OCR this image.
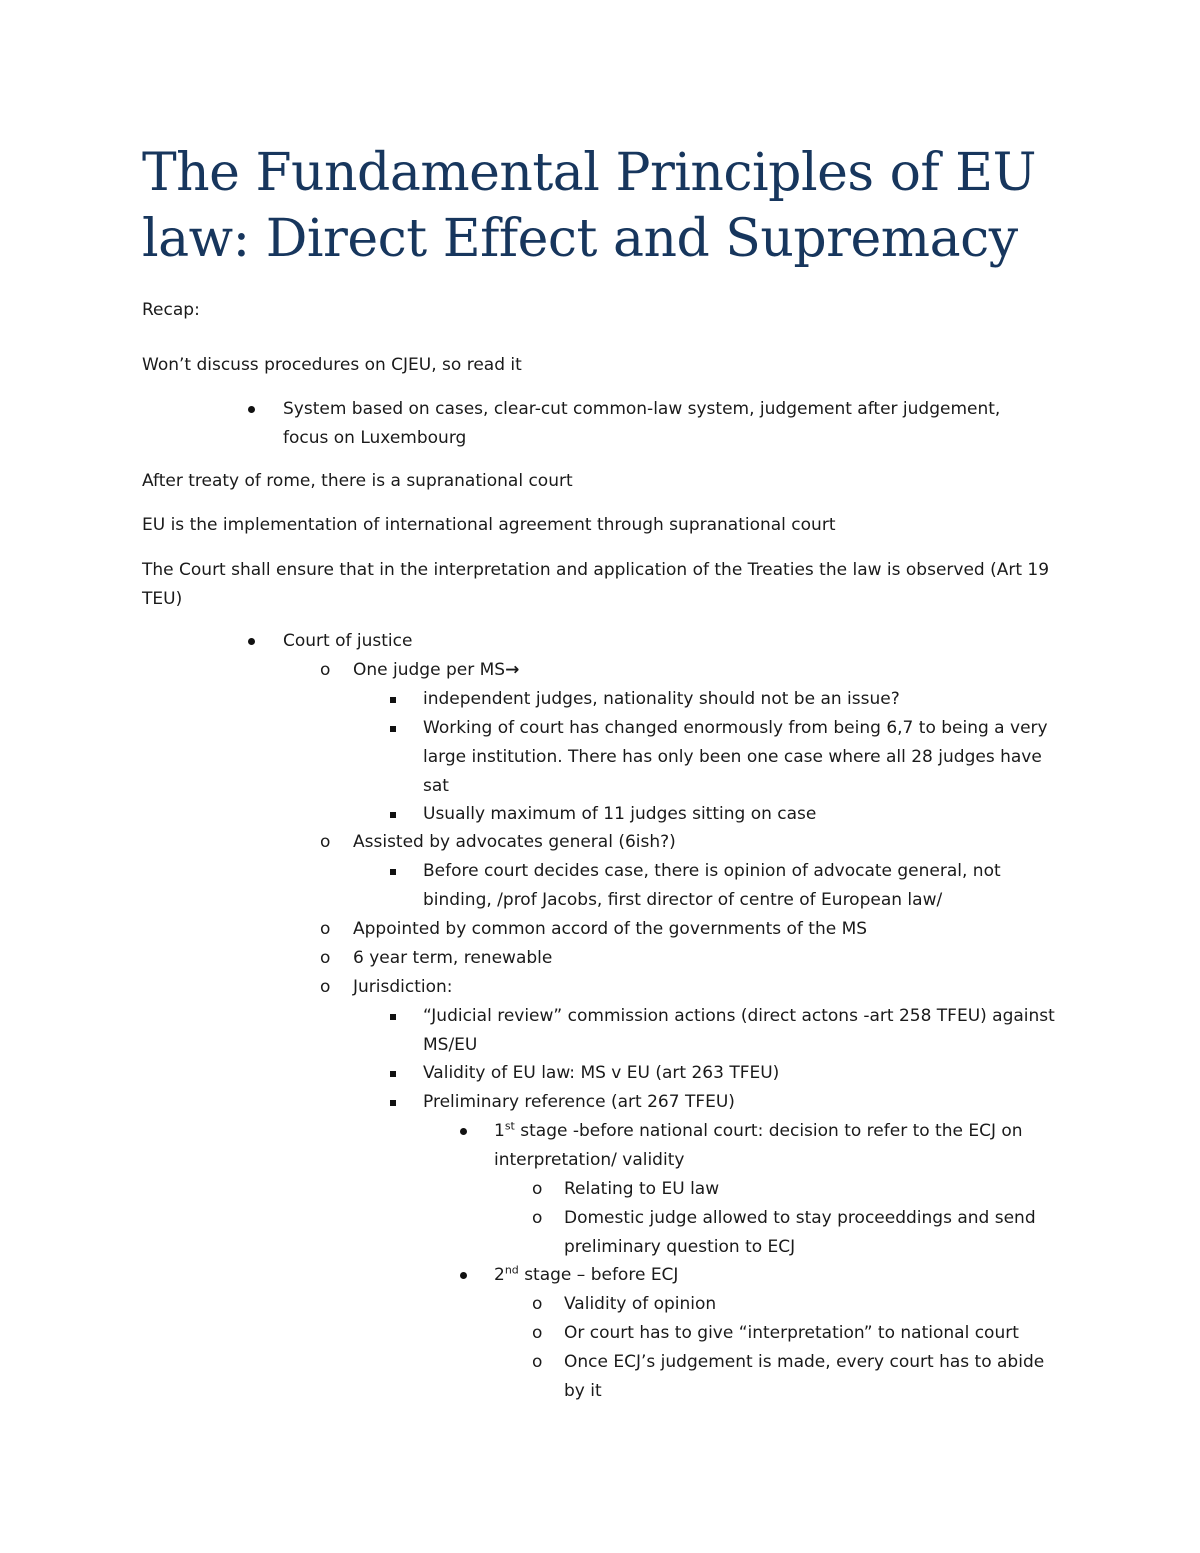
The Fundamental Principles of EU law: Direct Effect and Supremacy
Recap:
Won’t discuss procedures on CJEU, so read it
System based on cases, clear-cut common-law system, judgement after judgement, focus on Luxembourg
After treaty of rome, there is a supranational court
EU is the implementation of international agreement through supranational court
The Court shall ensure that in the interpretation and application of the Treaties the law is observed (Art 19 TEU)
Court of justice
o One judge per MS→
independent judges, nationality should not be an issue?
Working of court has changed enormously from being 6,7 to being a very large institution. There has only been one case where all 28 judges have sat
Usually maximum of 11 judges sitting on case
o Assisted by advocates general (6ish?)
Before court decides case, there is opinion of advocate general, not binding, /prof Jacobs, first director of centre of European law/
o Appointed by common accord of the governments of the MS
o 6 year term, renewable
o Jurisdiction:
“Judicial review” commission actions (direct actons -art 258 TFEU) against MS/EU
Validity of EU law: MS v EU (art 263 TFEU)
Preliminary reference (art 267 TFEU)
1st stage -before national court: decision to refer to the ECJ on interpretation/ validity
o Relating to EU law
o Domestic judge allowed to stay proceeddings and send preliminary question to ECJ
2nd stage – before ECJ
o Validity of opinion
o Or court has to give “interpretation” to national court
o Once ECJ’s judgement is made, every court has to abide by it
